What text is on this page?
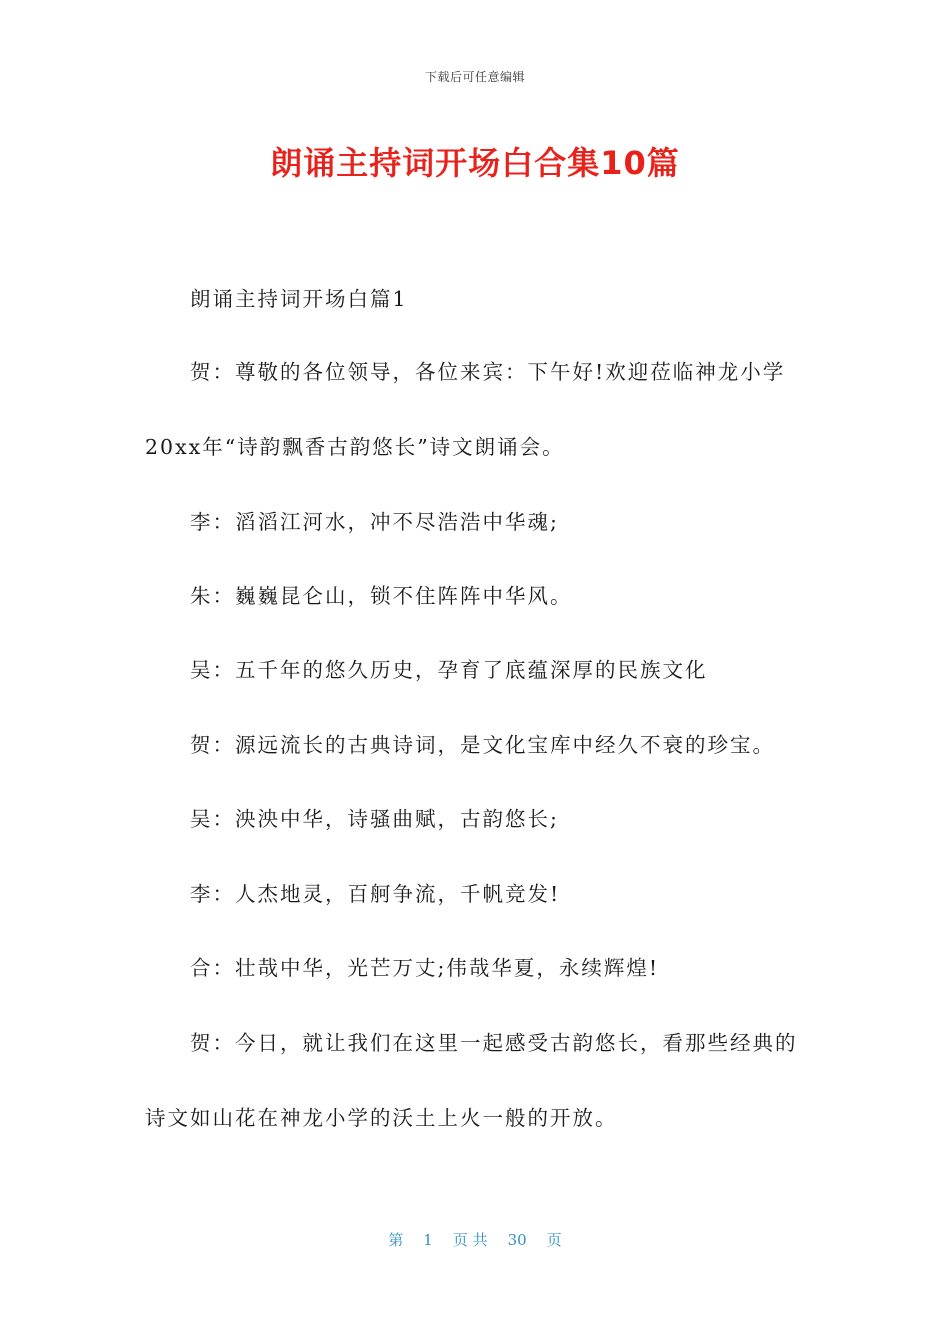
下载后可任意编辑
朗诵主持词开场白合集10篇
朗诵主持词开场白篇1
贺：尊敬的各位领导，各位来宾：下午好!欢迎莅临神龙小学
20xx年“诗韵飘香古韵悠长”诗文朗诵会。
李：滔滔江河水，冲不尽浩浩中华魂;
朱：巍巍昆仑山，锁不住阵阵中华风。
吴：五千年的悠久历史，孕育了底蕴深厚的民族文化
贺：源远流长的古典诗词，是文化宝库中经久不衰的珍宝。
吴：泱泱中华，诗骚曲赋，古韵悠长;
李：人杰地灵，百舸争流，千帆竞发!
合：壮哉中华，光芒万丈;伟哉华夏，永续辉煌!
贺：今日，就让我们在这里一起感受古韵悠长，看那些经典的
诗文如山花在神龙小学的沃土上火一般的开放。
第 1 页 共 30 页
